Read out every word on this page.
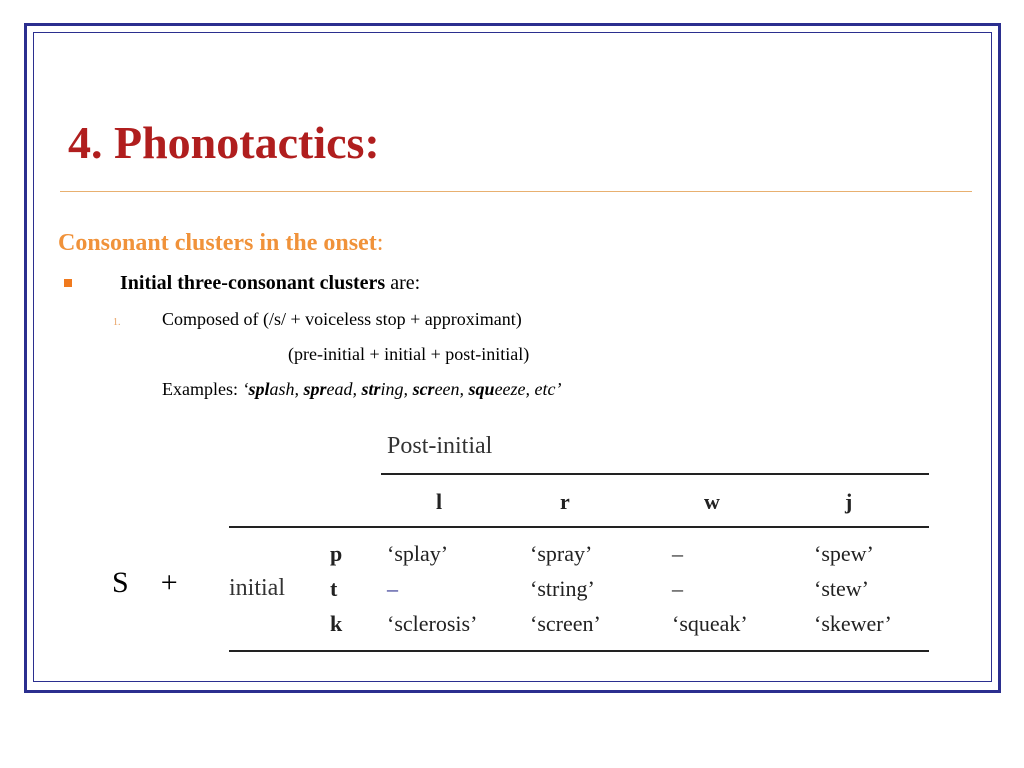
4. Phonotactics:
Consonant clusters in the onset:
Initial three-consonant clusters are:
1. Composed of (/s/ + voiceless stop + approximant)
(pre-initial + initial + post-initial)
Examples: ‘splash, spread, string, screen, squeeze, etc’
Post-initial
l	r	w	j
initial
p ‘splay’	‘spray’	–	‘spew’
t –	‘string’	–	‘stew’
k ‘sclerosis’ ‘screen’	‘squeak’	‘skewer’
S +
